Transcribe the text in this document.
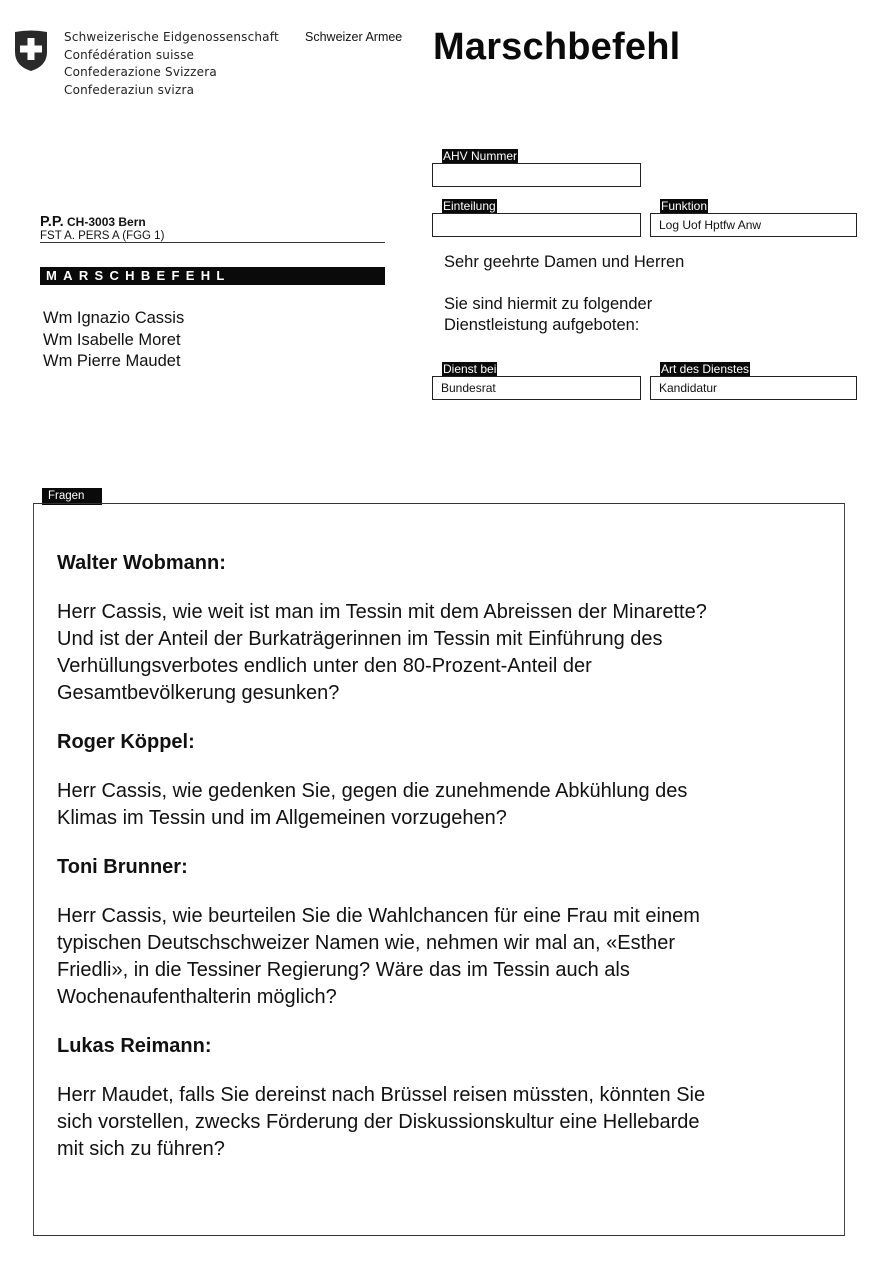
Schweizerische Eidgenossenschaft
Confédération suisse
Confederazione Svizzera
Confederaziun svizra
Schweizer Armee Marschbefehl
AHV Nummer
Einteilung	Funktion
Log Uof Hptfw Anw
P.P. CH-3003 Bern
FST A. PERS A (FGG 1)
MARSCHBEFEHL
Wm Ignazio Cassis
Wm Isabelle Moret
Wm Pierre Maudet
Sehr geehrte Damen und Herren
Sie sind hiermit zu folgender
Dienstleistung aufgeboten:
Dienst bei
Bundesrat
Art des Dienstes
Kandidatur
Fragen
Walter Wobmann:
Herr Cassis, wie weit ist man im Tessin mit dem Abreissen der Minarette?
Und ist der Anteil der Burkaträgerinnen im Tessin mit Einführung des
Verhüllungsverbotes endlich unter den 80-Prozent-Anteil der
Gesamtbevölkerung gesunken?
Roger Köppel:
Herr Cassis, wie gedenken Sie, gegen die zunehmende Abkühlung des
Klimas im Tessin und im Allgemeinen vorzugehen?
Toni Brunner:
Herr Cassis, wie beurteilen Sie die Wahlchancen für eine Frau mit einem
typischen Deutschschweizer Namen wie, nehmen wir mal an, «Esther
Friedli», in die Tessiner Regierung? Wäre das im Tessin auch als
Wochenaufenthalterin möglich?
Lukas Reimann:
Herr Maudet, falls Sie dereinst nach Brüssel reisen müssten, könnten Sie
sich vorstellen, zwecks Förderung der Diskussionskultur eine Hellebarde
mit sich zu führen?
